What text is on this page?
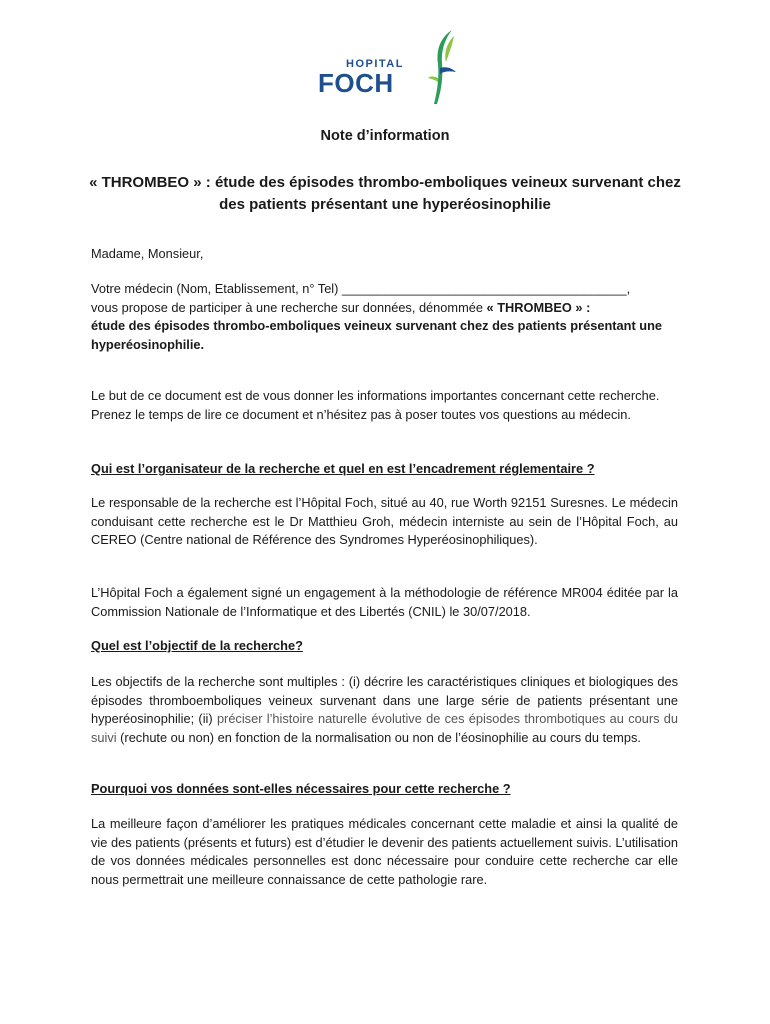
HOPITAL
FOCH
Note d’information
« THROMBEO » : étude des épisodes thrombo-emboliques veineux survenant chez des patients présentant une hyperéosinophilie
Madame, Monsieur,
Votre médecin (Nom, Etablissement, n° Tel) ________________________________________,
vous propose de participer à une recherche sur données, dénommée « THROMBEO » :
étude des épisodes thrombo-emboliques veineux survenant chez des patients présentant une hyperéosinophilie.
Le but de ce document est de vous donner les informations importantes concernant cette recherche.
Prenez le temps de lire ce document et n’hésitez pas à poser toutes vos questions au médecin.
Qui est l’organisateur de la recherche et quel en est l’encadrement réglementaire ?
Le responsable de la recherche est l’Hôpital Foch, situé au 40, rue Worth 92151 Suresnes. Le médecin conduisant cette recherche est le Dr Matthieu Groh, médecin interniste au sein de l’Hôpital Foch, au CEREO (Centre national de Référence des Syndromes Hyperéosinophiliques).
L’Hôpital Foch a également signé un engagement à la méthodologie de référence MR004 éditée par la Commission Nationale de l’Informatique et des Libertés (CNIL) le 30/07/2018.
Quel est l’objectif de la recherche?
Les objectifs de la recherche sont multiples : (i) décrire les caractéristiques cliniques et biologiques des épisodes thromboemboliques veineux survenant dans une large série de patients présentant une hyperéosinophilie; (ii) préciser l’histoire naturelle évolutive de ces épisodes thrombotiques au cours du suivi (rechute ou non) en fonction de la normalisation ou non de l’éosinophilie au cours du temps.
Pourquoi vos données sont-elles nécessaires pour cette recherche ?
La meilleure façon d’améliorer les pratiques médicales concernant cette maladie et ainsi la qualité de vie des patients (présents et futurs) est d’étudier le devenir des patients actuellement suivis. L’utilisation de vos données médicales personnelles est donc nécessaire pour conduire cette recherche car elle nous permettrait une meilleure connaissance de cette pathologie rare.
